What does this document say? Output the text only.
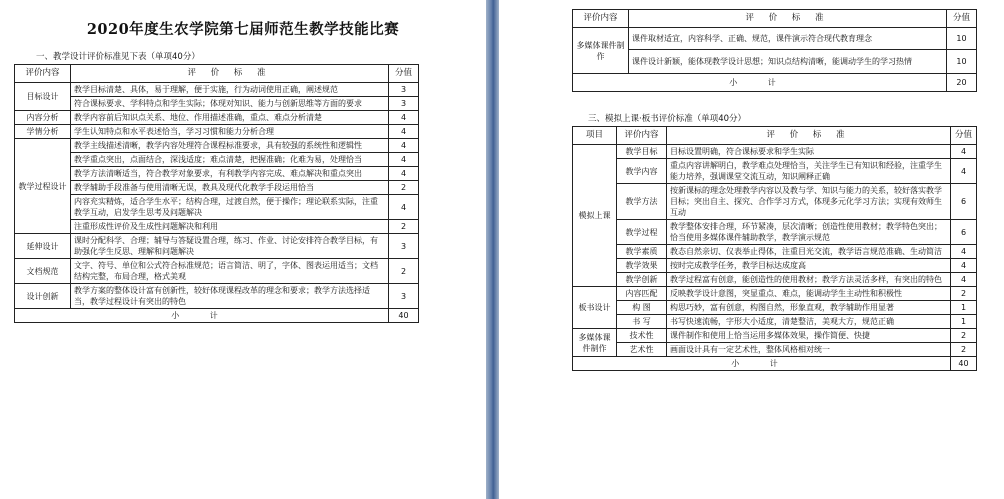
2020年度生农学院第七届师范生教学技能比赛
一、教学设计评价标准见下表（单项40分）
评价内容	评 价 标 准	分值
目标设计	教学目标清楚、具体，易于理解，便于实施，行为动词使用正确，阐述规范	3
	符合课标要求、学科特点和学生实际；体现对知识、能力与创新思维等方面的要求	3
内容分析	教学内容前后知识点关系、地位、作用描述准确，重点、难点分析清楚	4
学情分析	学生认知特点和水平表述恰当，学习习惯和能力分析合理	4
教学过程设计	教学主线描述清晰，教学内容处理符合课程标准要求，具有较强的系统性和逻辑性	4
	教学重点突出，点面结合，深浅适度；难点清楚，把握准确；化难为易，处理恰当	4
	教学方法清晰适当，符合教学对象要求，有利教学内容完成、难点解决和重点突出	4
	教学辅助手段准备与使用清晰无误，教具及现代化教学手段运用恰当	2
	内容充实精炼，适合学生水平；结构合理，过渡自然，便于操作；理论联系实际，注重教学互动，启发学生思考及问题解决	4
	注重形成性评价及生成性问题解决和利用	2
延伸设计	课时分配科学、合理；辅导与答疑设置合理，练习、作业、讨论安排符合教学目标，有助强化学生反思、理解和问题解决	3
文档规范	文字、符号、单位和公式符合标准规范；语言简洁、明了，字体、图表运用适当；文档结构完整，布局合理，格式美观	2
设计创新	教学方案的整体设计富有创新性，较好体现课程改革的理念和要求；教学方法选择适当，教学过程设计有突出的特色	3
小 计		40
评价内容	评 价 标 准	分值
多媒体课件制作	课件取材适宜，内容科学、正确、规范，课件演示符合现代教育理念	10
	课件设计新颖，能体现教学设计思想；知识点结构清晰，能调动学生的学习热情	10
小 计		20
三、模拟上课·板书评价标准（单项40分）
项目	评价内容	评 价 标 准	分值
模拟上课	教学目标	目标设置明确，符合课标要求和学生实际	4
	教学内容	重点内容讲解明白，教学难点处理恰当，关注学生已有知识和经验，注重学生能力培养，强调课堂交流互动，知识阐释正确	4
	教学方法	按新课标的理念处理教学内容以及教与学、知识与能力的关系，较好落实教学目标；突出自主、探究、合作学习方式，体现多元化学习方法；实现有效师生互动	6
	教学过程	教学整体安排合理，环节紧凑，层次清晰；创造性使用教材；教学特色突出；恰当使用多媒体课件辅助教学，教学演示规范	6
	教学素质	教态自然亲切、仪表举止得体，注重目光交流，教学语言规范准确、生动简洁	4
	教学效果	按时完成教学任务，教学目标达成度高	4
	教学创新	教学过程富有创意，能创造性的使用教材；教学方法灵活多样，有突出的特色	4
板书设计	内容匹配	反映教学设计意图，突显重点、难点，能调动学生主动性和积极性	2
	构 图	构思巧妙，富有创意，构图自然，形象直观，教学辅助作用显著	1
	书 写	书写快速流畅，字形大小适度，清楚整洁，美观大方，规范正确	1
多媒体课件制作	技术性	课件制作和使用上恰当运用多媒体效果，操作简便、快捷	2
	艺术性	画面设计具有一定艺术性，整体风格相对统一	2
小 计			40
